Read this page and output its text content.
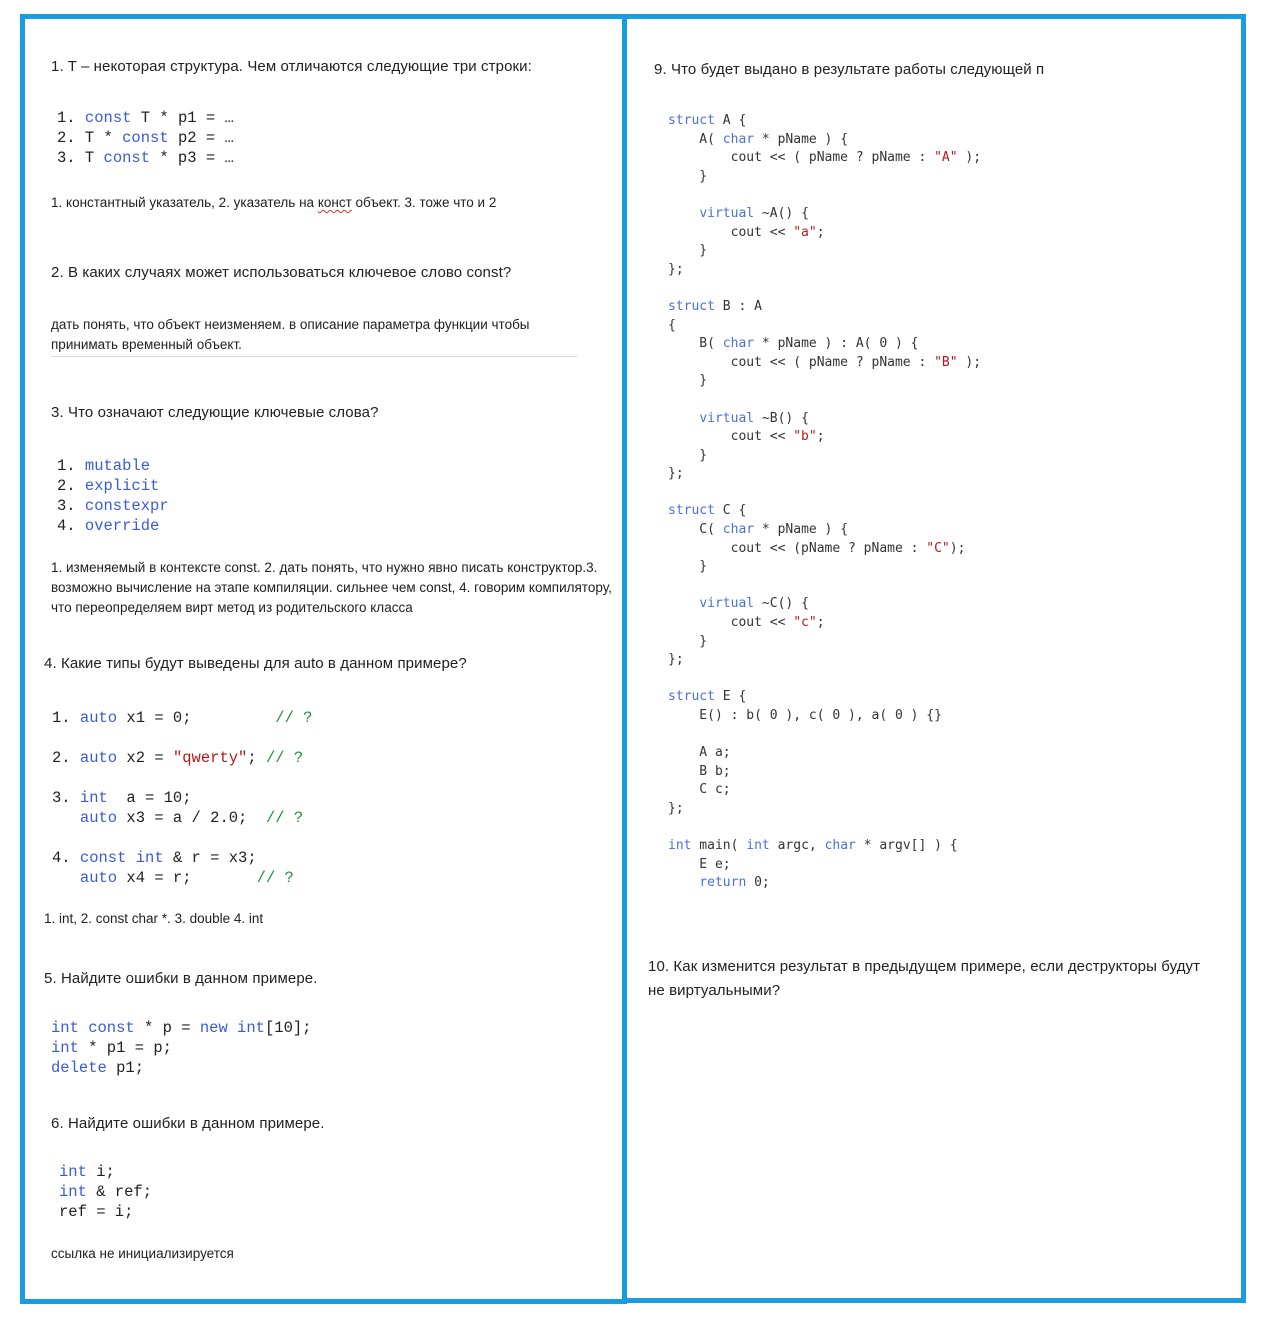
1. T – некоторая структура. Чем отличаются следующие три строки:
1. const T * p1 = …
2. T * const p2 = …
3. T const * p3 = …
1. константный указатель, 2. указатель на конст объект. 3. тоже что и 2
2. В каких случаях может использоваться ключевое слово const?
дать понять, что объект неизменяем. в описание параметра функции чтобы принимать временный объект.
3. Что означают следующие ключевые слова?
1. mutable
2. explicit
3. constexpr
4. override
1. изменяемый в контексте const. 2. дать понять, что нужно явно писать конструктор.3. возможно вычисление на этапе компиляции. сильнее чем const, 4. говорим компилятору, что переопределяем вирт метод из родительского класса
4. Какие типы будут выведены для auto в данном примере?
1. auto x1 = 0;         // ?

2. auto x2 = "qwerty"; // ?

3. int  a = 10;
auto x3 = a / 2.0;  // ?

4. const int & r = x3;
auto x4 = r;       // ?
1. int, 2. const char *. 3. double 4. int
5. Найдите ошибки в данном примере.
int const * p = new int[10];
int * p1 = p;
delete p1;
6. Найдите ошибки в данном примере.
int i;
int & ref;
ref = i;
ссылка не инициализируется
9. Что будет выдано в результате работы следующей п
struct A {
A( char * pName ) {
cout << ( pName ? pName : "A" );
}

virtual ~A() {
cout << "a";
}
};

struct B : A
{
B( char * pName ) : A( 0 ) {
cout << ( pName ? pName : "B" );
}

virtual ~B() {
cout << "b";
}
};

struct C {
C( char * pName ) {
cout << (pName ? pName : "C");
}

virtual ~C() {
cout << "c";
}
};

struct E {
E() : b( 0 ), c( 0 ), a( 0 ) {}

A a;
B b;
C c;
};

int main( int argc, char * argv[] ) {
E e;
return 0;
10. Как изменится результат в предыдущем примере, если деструкторы будут не виртуальными?
